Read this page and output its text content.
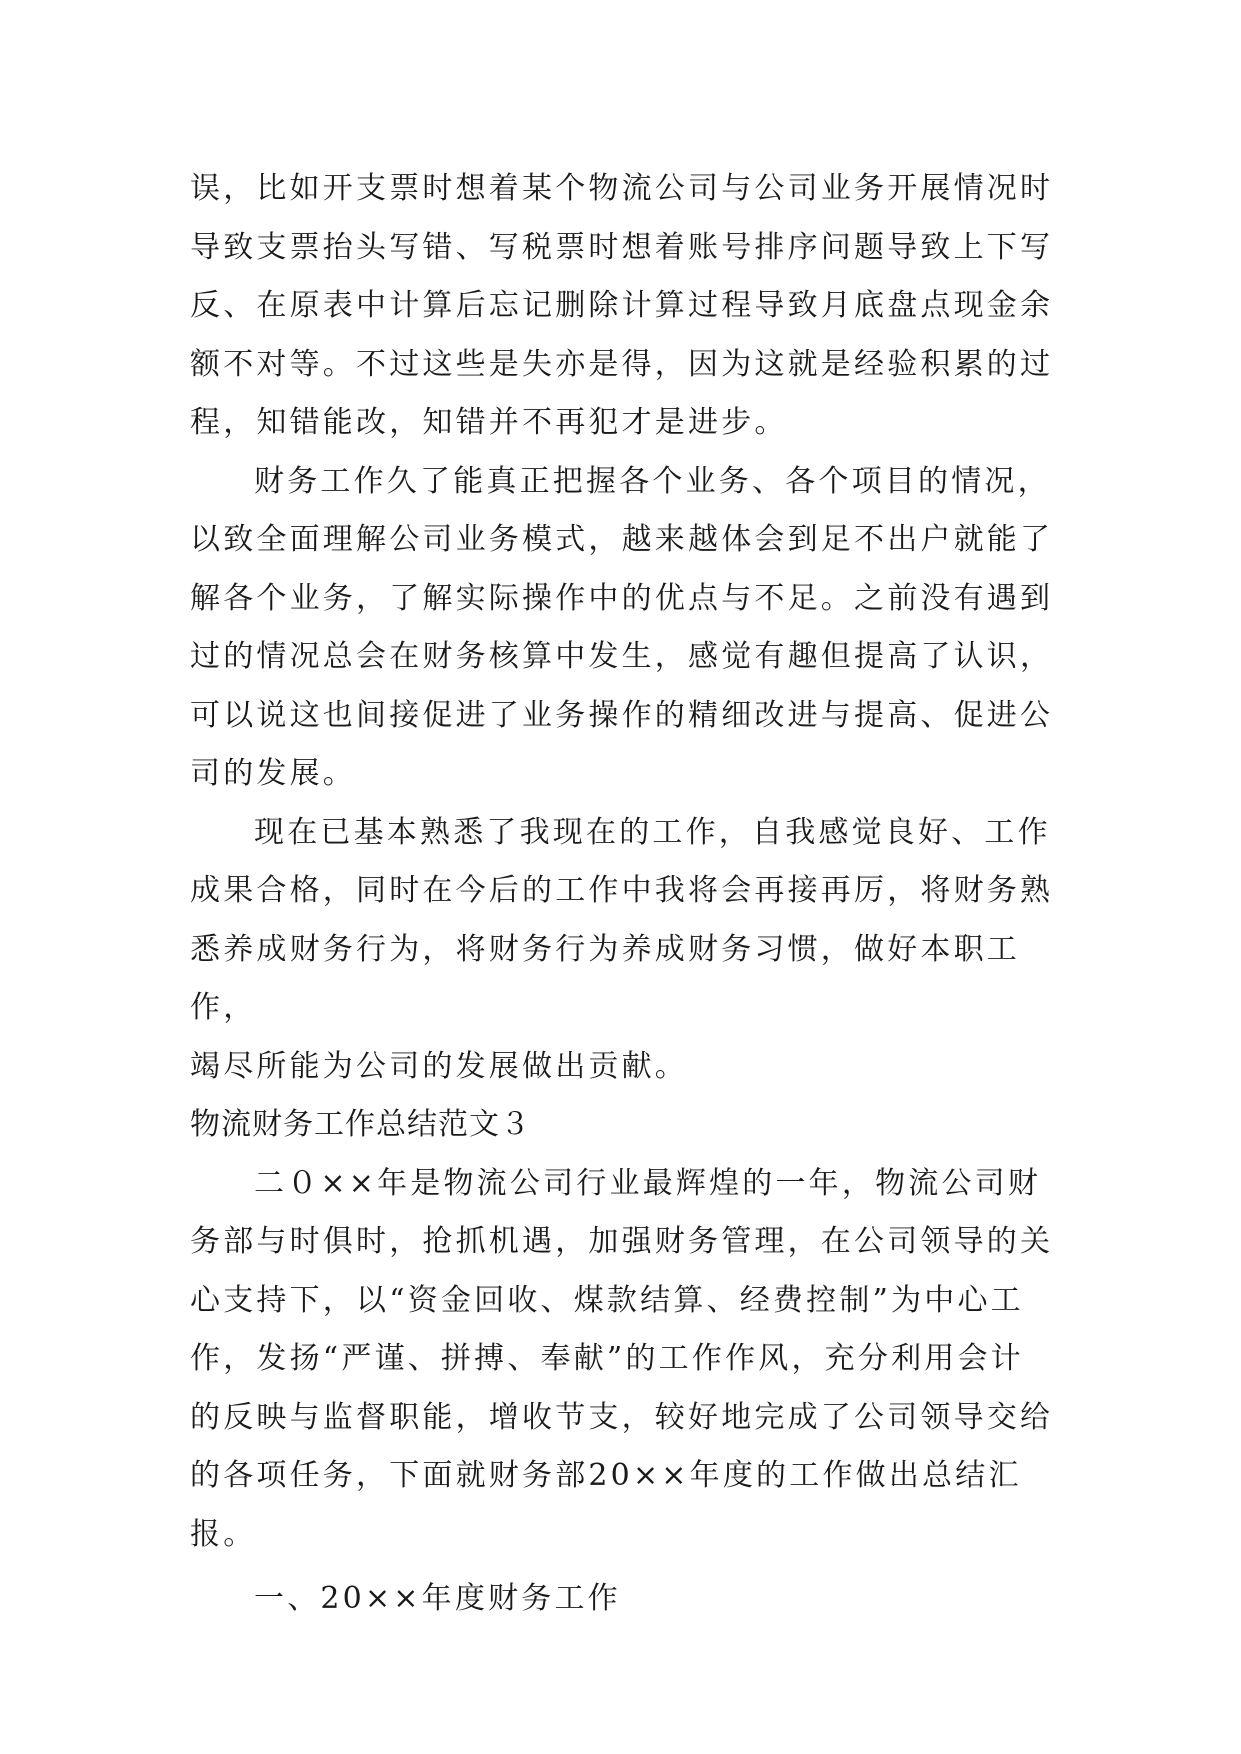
误，比如开支票时想着某个物流公司与公司业务开展情况时
导致支票抬头写错、写税票时想着账号排序问题导致上下写
反、在原表中计算后忘记删除计算过程导致月底盘点现金余
额不对等。不过这些是失亦是得，因为这就是经验积累的过
程，知错能改，知错并不再犯才是进步。

财务工作久了能真正把握各个业务、各个项目的情况，
以致全面理解公司业务模式，越来越体会到足不出户就能了
解各个业务，了解实际操作中的优点与不足。之前没有遇到
过的情况总会在财务核算中发生，感觉有趣但提高了认识，
可以说这也间接促进了业务操作的精细改进与提高、促进公
司的发展。

现在已基本熟悉了我现在的工作，自我感觉良好、工作
成果合格，同时在今后的工作中我将会再接再厉，将财务熟
悉养成财务行为，将财务行为养成财务习惯，做好本职工作，
竭尽所能为公司的发展做出贡献。

物流财务工作总结范文３

二０××年是物流公司行业最辉煌的一年，物流公司财
务部与时俱时，抢抓机遇，加强财务管理，在公司领导的关
心支持下，以“资金回收、煤款结算、经费控制”为中心工
作，发扬“严谨、拼搏、奉献”的工作作风，充分利用会计
的反映与监督职能，增收节支，较好地完成了公司领导交给
的各项任务，下面就财务部20××年度的工作做出总结汇
报。

一、20××年度财务工作
